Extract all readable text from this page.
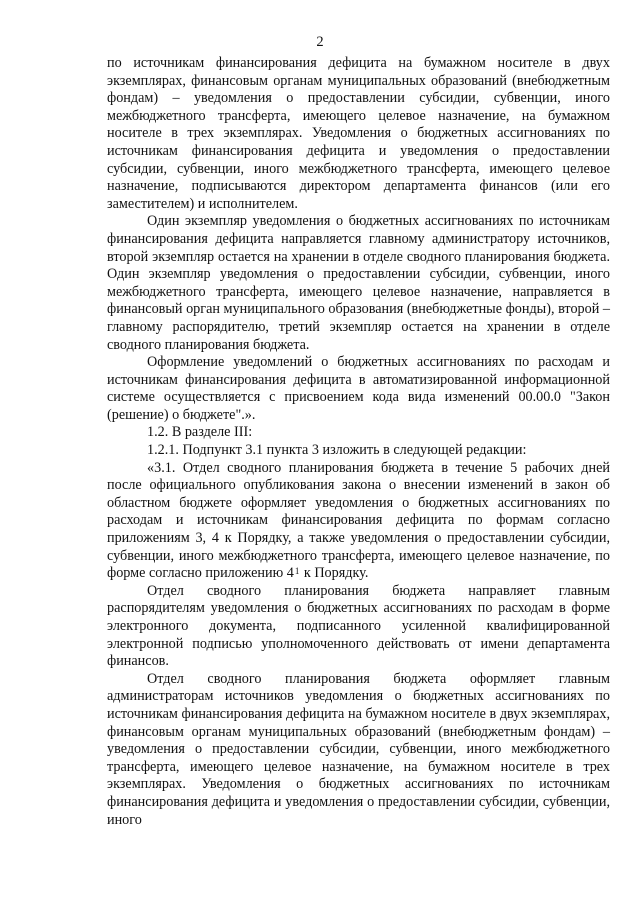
2

по источникам финансирования дефицита на бумажном носителе в двух экземплярах, финансовым органам муниципальных образований (внебюджетным фондам) – уведомления о предоставлении субсидии, субвенции, иного межбюджетного трансферта, имеющего целевое назначение, на бумажном носителе в трех экземплярах. Уведомления о бюджетных ассигнованиях по источникам финансирования дефицита и уведомления о предоставлении субсидии, субвенции, иного межбюджетного трансферта, имеющего целевое назначение, подписываются директором департамента финансов (или его заместителем) и исполнителем.

Один экземпляр уведомления о бюджетных ассигнованиях по источникам финансирования дефицита направляется главному администратору источников, второй экземпляр остается на хранении в отделе сводного планирования бюджета. Один экземпляр уведомления о предоставлении субсидии, субвенции, иного межбюджетного трансферта, имеющего целевое назначение, направляется в финансовый орган муниципального образования (внебюджетные фонды), второй – главному распорядителю, третий экземпляр остается на хранении в отделе сводного планирования бюджета.

Оформление уведомлений о бюджетных ассигнованиях по расходам и источникам финансирования дефицита в автоматизированной информационной системе осуществляется с присвоением кода вида изменений 00.00.0 "Закон (решение) о бюджете".».

1.2. В разделе III:

1.2.1. Подпункт 3.1 пункта 3 изложить в следующей редакции:

«3.1. Отдел сводного планирования бюджета в течение 5 рабочих дней после официального опубликования закона о внесении изменений в закон об областном бюджете оформляет уведомления о бюджетных ассигнованиях по расходам и источникам финансирования дефицита по формам согласно приложениям 3, 4 к Порядку, а также уведомления о предоставлении субсидии, субвенции, иного межбюджетного трансферта, имеющего целевое назначение, по форме согласно приложению $4^1$ к Порядку.

Отдел сводного планирования бюджета направляет главным распорядителям уведомления о бюджетных ассигнованиях по расходам в форме электронного документа, подписанного усиленной квалифицированной электронной подписью уполномоченного действовать от имени департамента финансов.

Отдел сводного планирования бюджета оформляет главным администраторам источников уведомления о бюджетных ассигнованиях по источникам финансирования дефицита на бумажном носителе в двух экземплярах, финансовым органам муниципальных образований (внебюджетным фондам) – уведомления о предоставлении субсидии, субвенции, иного межбюджетного трансферта, имеющего целевое назначение, на бумажном носителе в трех экземплярах. Уведомления о бюджетных ассигнованиях по источникам финансирования дефицита и уведомления о предоставлении субсидии, субвенции, иного
